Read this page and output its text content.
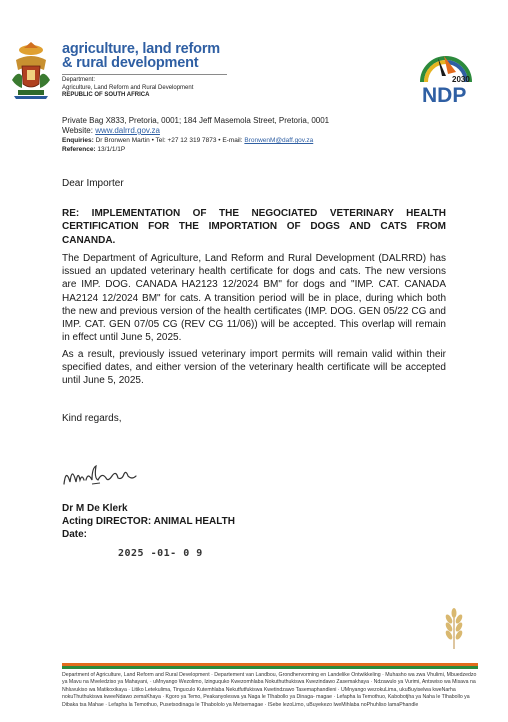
agriculture, land reform
& rural development
Department:
Agriculture, Land Reform and Rural Development
REPUBLIC OF SOUTH AFRICA
2030
NDP
Private Bag X833, Pretoria, 0001; 184 Jeff Masemola Street, Pretoria, 0001
Website: www.dalrrd.gov.za
Enquiries: Dr Bronwen Martin • Tel: +27 12 319 7873 • E-mail: BronwenM@daff.gov.za
Reference: 13/1/1/1P
Dear Importer
RE: IMPLEMENTATION OF THE NEGOCIATED VETERINARY HEALTH CERTIFICATION FOR THE IMPORTATION OF DOGS AND CATS FROM CANANDA.
The Department of Agriculture, Land Reform and Rural Development (DALRRD) has issued an updated veterinary health certificate for dogs and cats. The new versions are IMP. DOG. CANADA HA2123 12/2024 BM" for dogs and "IMP. CAT. CANADA HA2124 12/2024 BM" for cats. A transition period will be in place, during which both the new and previous version of the health certificates (IMP. DOG. GEN 05/22 CG and IMP. CAT. GEN 07/05 CG (REV CG 11/06)) will be accepted. This overlap will remain in effect until June 5, 2025.
As a result, previously issued veterinary import permits will remain valid within their specified dates, and either version of the veterinary health certificate will be accepted until June 5, 2025.
Kind regards,
Dr M De Klerk
Acting DIRECTOR: ANIMAL HEALTH
Date:
2025 -01- 0 9
Department of Agriculture, Land Reform and Rural Development · Departement van Landbou, Grondhervorming en Landelike Ontwikkeling · Muhasho wa zwa Vhulimi, Mbuedzedzo ya Mavu na Mveledziso ya Mahayani, · uMnyango Wezolimo, Izinguquko Kwezomhlaba Nokuthuthukiswa Kwezindawo Zasemakhaya · Ndzawulo ya Vurimi, Antswiso wa Misava na Nhluvukiso wa Matikoxikaya · Litiko Letekulima, Tinguculo Kutemhlaba Nekutfutfukiswa Kwetindzawo Tasemaphandleni · UMnyango wezokuLima, ukuBuyiselwa kweNarha nokuThuthukiswa kweeNdawo zemaKhaya · Kgoro ya Temo, Peakanyoleswa ya Naga le Tlhabollo ya Dinaga- magae · Lefapha la Temothuo, Kabobotjha ya Naha le Tlhabollo ya Dibaka tsa Mahae · Lefapha la Temothuo, Pusetsodinaga le Tlhabololo ya Metsemagae · ISebe lezoLimo, uBuyekezo lweMihlaba noPhuhliso lamaPhandle
